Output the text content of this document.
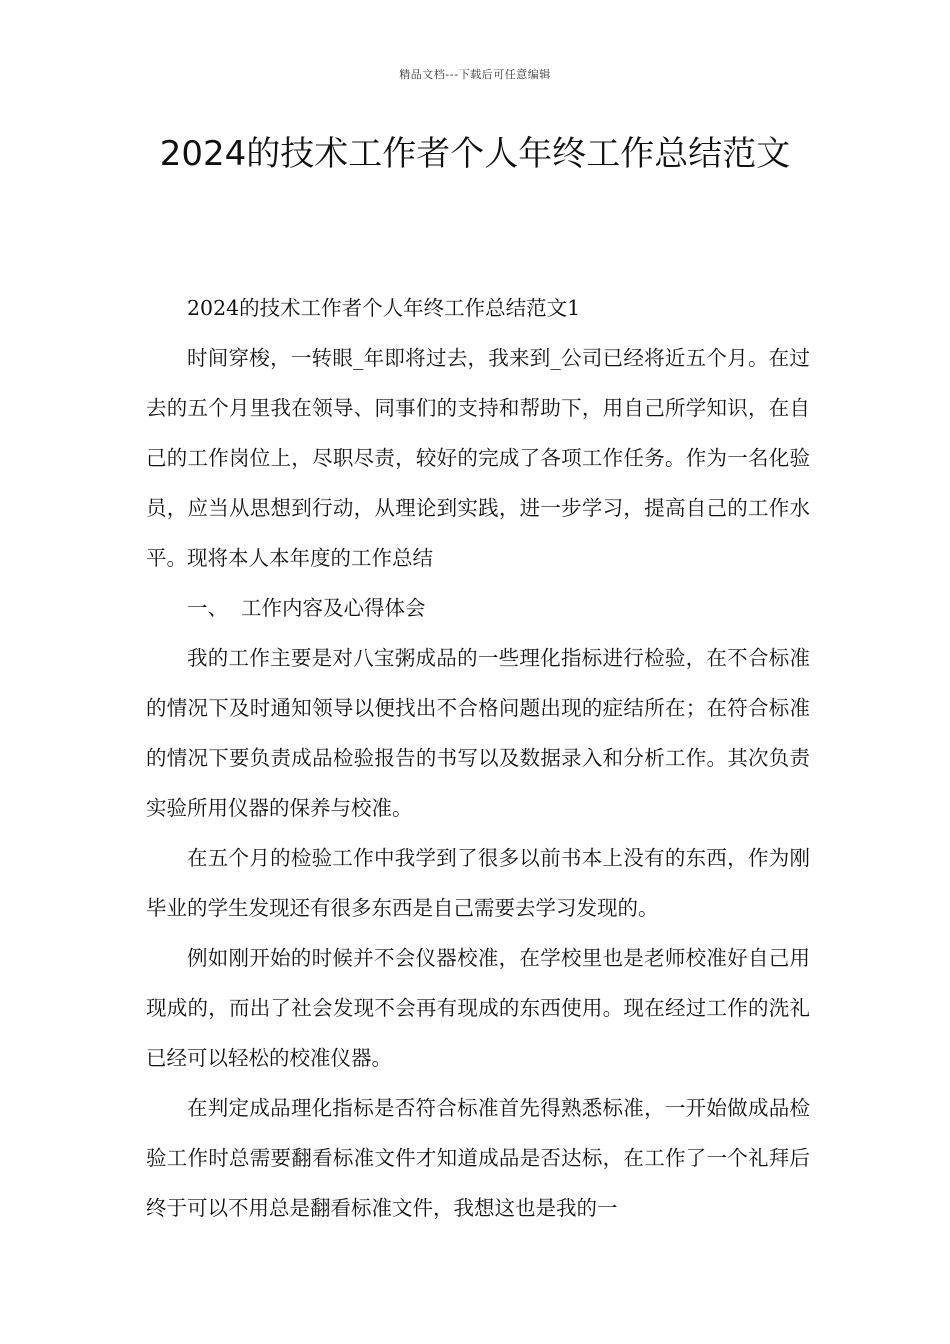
精品文档---下载后可任意编辑
2024的技术工作者个人年终工作总结范文

2024的技术工作者个人年终工作总结范文1

时间穿梭，一转眼_年即将过去，我来到_公司已经将近五个月。在过去的五个月里我在领导、同事们的支持和帮助下，用自己所学知识，在自己的工作岗位上，尽职尽责，较好的完成了各项工作任务。作为一名化验员，应当从思想到行动，从理论到实践，进一步学习，提高自己的工作水平。现将本人本年度的工作总结

一、  工作内容及心得体会

我的工作主要是对八宝粥成品的一些理化指标进行检验，在不合标准的情况下及时通知领导以便找出不合格问题出现的症结所在；在符合标准的情况下要负责成品检验报告的书写以及数据录入和分析工作。其次负责实验所用仪器的保养与校准。

在五个月的检验工作中我学到了很多以前书本上没有的东西，作为刚毕业的学生发现还有很多东西是自己需要去学习发现的。

例如刚开始的时候并不会仪器校准，在学校里也是老师校准好自己用现成的，而出了社会发现不会再有现成的东西使用。现在经过工作的洗礼已经可以轻松的校准仪器。

在判定成品理化指标是否符合标准首先得熟悉标准，一开始做成品检验工作时总需要翻看标准文件才知道成品是否达标，在工作了一个礼拜后终于可以不用总是翻看标准文件，我想这也是我的一
